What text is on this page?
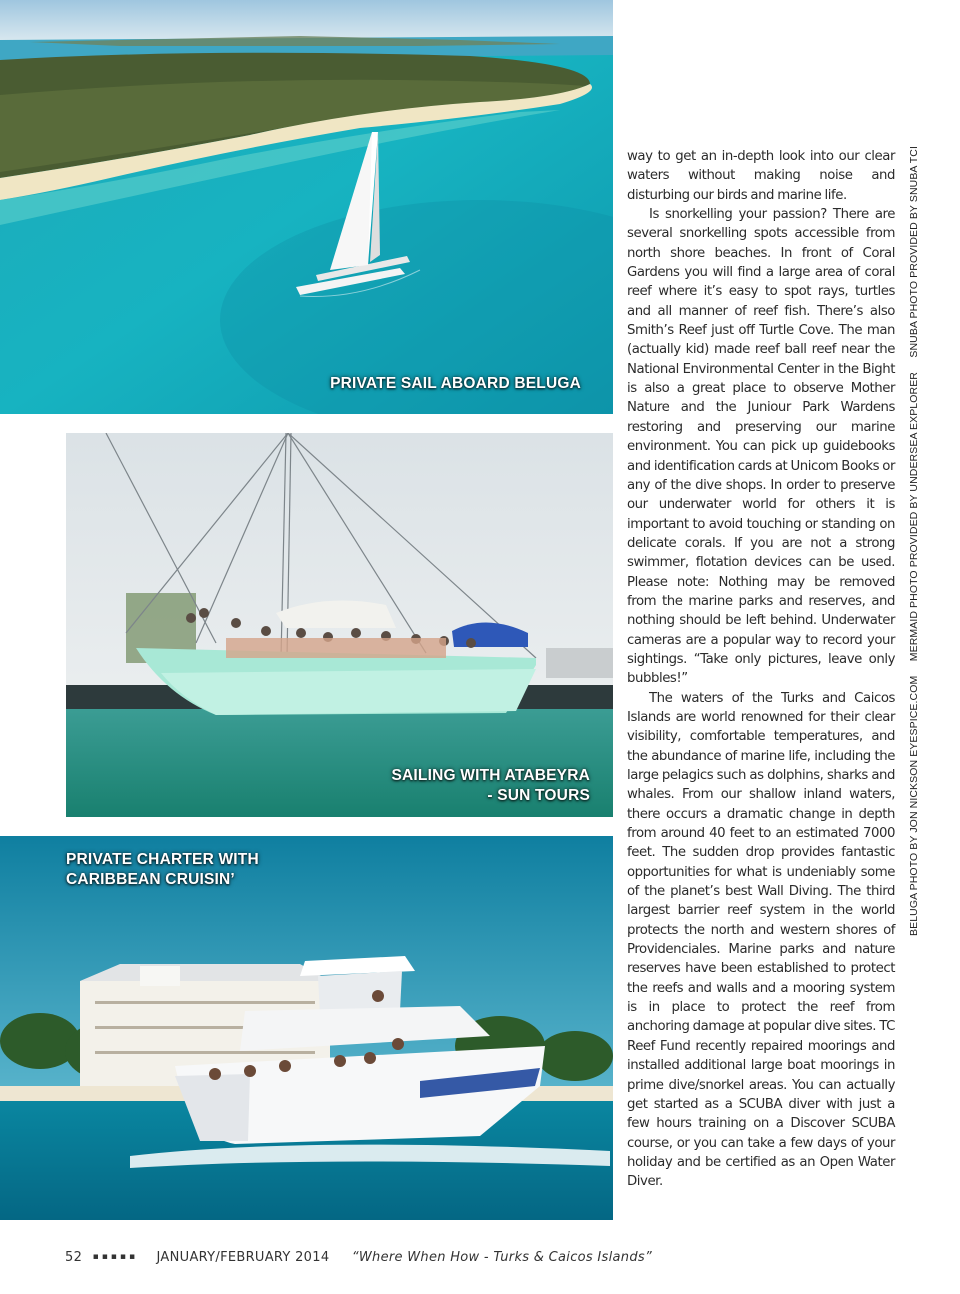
PRIVATE SAIL ABOARD BELUGA
SAILING WITH ATABEYRA
- SUN TOURS
PRIVATE CHARTER WITH
CARIBBEAN CRUISIN’

way to get an in-depth look into our clear waters without making noise and disturbing our birds and marine life.

Is snorkelling your passion? There are several snorkelling spots accessible from north shore beaches. In front of Coral Gardens you will find a large area of coral reef where it’s easy to spot rays, turtles and all manner of reef fish. There’s also Smith’s Reef just off Turtle Cove. The man (actually kid) made reef ball reef near the National Environmental Center in the Bight is also a great place to observe Mother Nature and the Juniour Park Wardens restoring and preserving our marine environment. You can pick up guidebooks and identification cards at Unicom Books or any of the dive shops. In order to preserve our underwater world for others it is important to avoid touching or standing on delicate corals. If you are not a strong swimmer, flotation devices can be used. Please note: Nothing may be removed from the marine parks and reserves, and nothing should be left behind. Underwater cameras are a popular way to record your sightings. “Take only pictures, leave only bubbles!”

The waters of the Turks and Caicos Islands are world renowned for their clear visibility, comfortable temperatures, and the abundance of marine life, including the large pelagics such as dolphins, sharks and whales. From our shallow inland waters, there occurs a dramatic change in depth from around 40 feet to an estimated 7000 feet. The sudden drop provides fantastic opportunities for what is undeniably some of the planet’s best Wall Diving. The third largest barrier reef system in the world protects the north and western shores of Providenciales. Marine parks and nature reserves have been established to protect the reefs and walls and a mooring system is in place to protect the reef from anchoring damage at popular dive sites. TC Reef Fund recently repaired moorings and installed additional large boat moorings in prime dive/snorkel areas. You can actually get started as a SCUBA diver with just a few hours training on a Discover SCUBA course, or you can take a few days of your holiday and be certified as an Open Water Diver.

BELUGA PHOTO BY JON NICKSON EYESPICE.COM
MERMAID PHOTO PROVIDED BY UNDERSEA EXPLORER
SNUBA PHOTO PROVIDED BY SNUBA TCI
52 ▪▪▪▪▪ JANUARY/FEBRUARY 2014 “Where When How - Turks & Caicos Islands”
